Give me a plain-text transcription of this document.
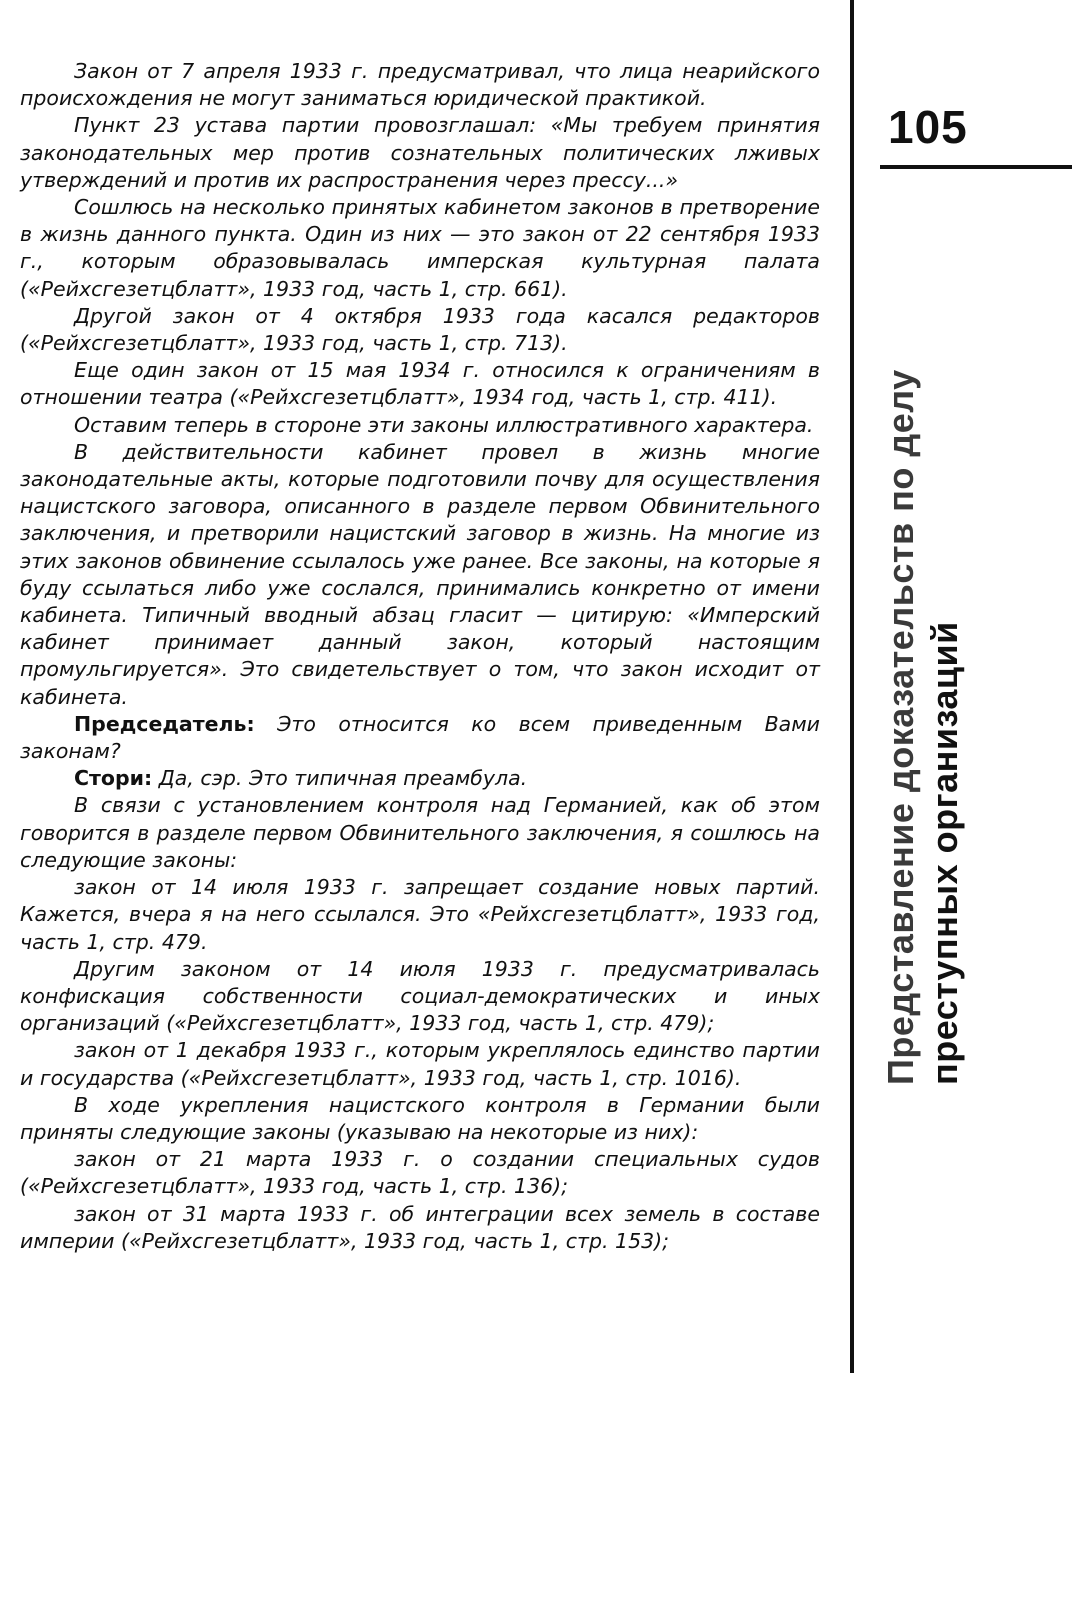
105
Представление доказательств по делу преступных организаций

Закон от 7 апреля 1933 г. предусматривал, что лица неарийского происхождения не могут заниматься юридической практикой.

Пункт 23 устава партии провозглашал: «Мы требуем принятия законодательных мер против сознательных политических лживых утверждений и против их распространения через прессу...»

Сошлюсь на несколько принятых кабинетом законов в претворение в жизнь данного пункта. Один из них — это закон от 22 сентября 1933 г., которым образовывалась имперская культурная палата («Рейхсгезетцблатт», 1933 год, часть 1, стр. 661).

Другой закон от 4 октября 1933 года касался редакторов («Рейхсгезетцблатт», 1933 год, часть 1, стр. 713).

Еще один закон от 15 мая 1934 г. относился к ограничениям в отношении театра («Рейхсгезетцблатт», 1934 год, часть 1, стр. 411).

Оставим теперь в стороне эти законы иллюстративного характера.

В действительности кабинет провел в жизнь многие законодательные акты, которые подготовили почву для осуществления нацистского заговора, описанного в разделе первом Обвинительного заключения, и претворили нацистский заговор в жизнь. На многие из этих законов обвинение ссылалось уже ранее. Все законы, на которые я буду ссылаться либо уже сослался, принимались конкретно от имени кабинета. Типичный вводный абзац гласит — цитирую: «Имперский кабинет принимает данный закон, который настоящим промульгируется». Это свидетельствует о том, что закон исходит от кабинета.

Председатель: Это относится ко всем приведенным Вами законам?

Стори: Да, сэр. Это типичная преамбула.

В связи с установлением контроля над Германией, как об этом говорится в разделе первом Обвинительного заключения, я сошлюсь на следующие законы:

закон от 14 июля 1933 г. запрещает создание новых партий. Кажется, вчера я на него ссылался. Это «Рейхсгезетцблатт», 1933 год, часть 1, стр. 479.

Другим законом от 14 июля 1933 г. предусматривалась конфискация собственности социал-демократических и иных организаций («Рейхсгезетцблатт», 1933 год, часть 1, стр. 479);

закон от 1 декабря 1933 г., которым укреплялось единство партии и государства («Рейхсгезетцблатт», 1933 год, часть 1, стр. 1016).

В ходе укрепления нацистского контроля в Германии были приняты следующие законы (указываю на некоторые из них):

закон от 21 марта 1933 г. о создании специальных судов («Рейхсгезетцблатт», 1933 год, часть 1, стр. 136);

закон от 31 марта 1933 г. об интеграции всех земель в составе империи («Рейхсгезетцблатт», 1933 год, часть 1, стр. 153);
